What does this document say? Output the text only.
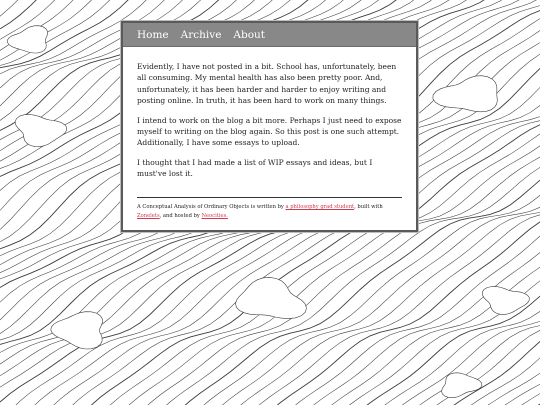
Home Archive About

Evidently, I have not posted in a bit. School has, unfortunately, been all consuming. My mental health has also been pretty poor. And, unfortunately, it has been harder and harder to enjoy writing and posting online. In truth, it has been hard to work on many things.

I intend to work on the blog a bit more. Perhaps I just need to expose myself to writing on the blog again. So this post is one such attempt. Additionally, I have some essays to upload.

I thought that I had made a list of WIP essays and ideas, but I must've lost it.

A Conceptual Analysis of Ordinary Objects is written by a philosophy grad student, built with Zonelets, and hosted by Neocities.
